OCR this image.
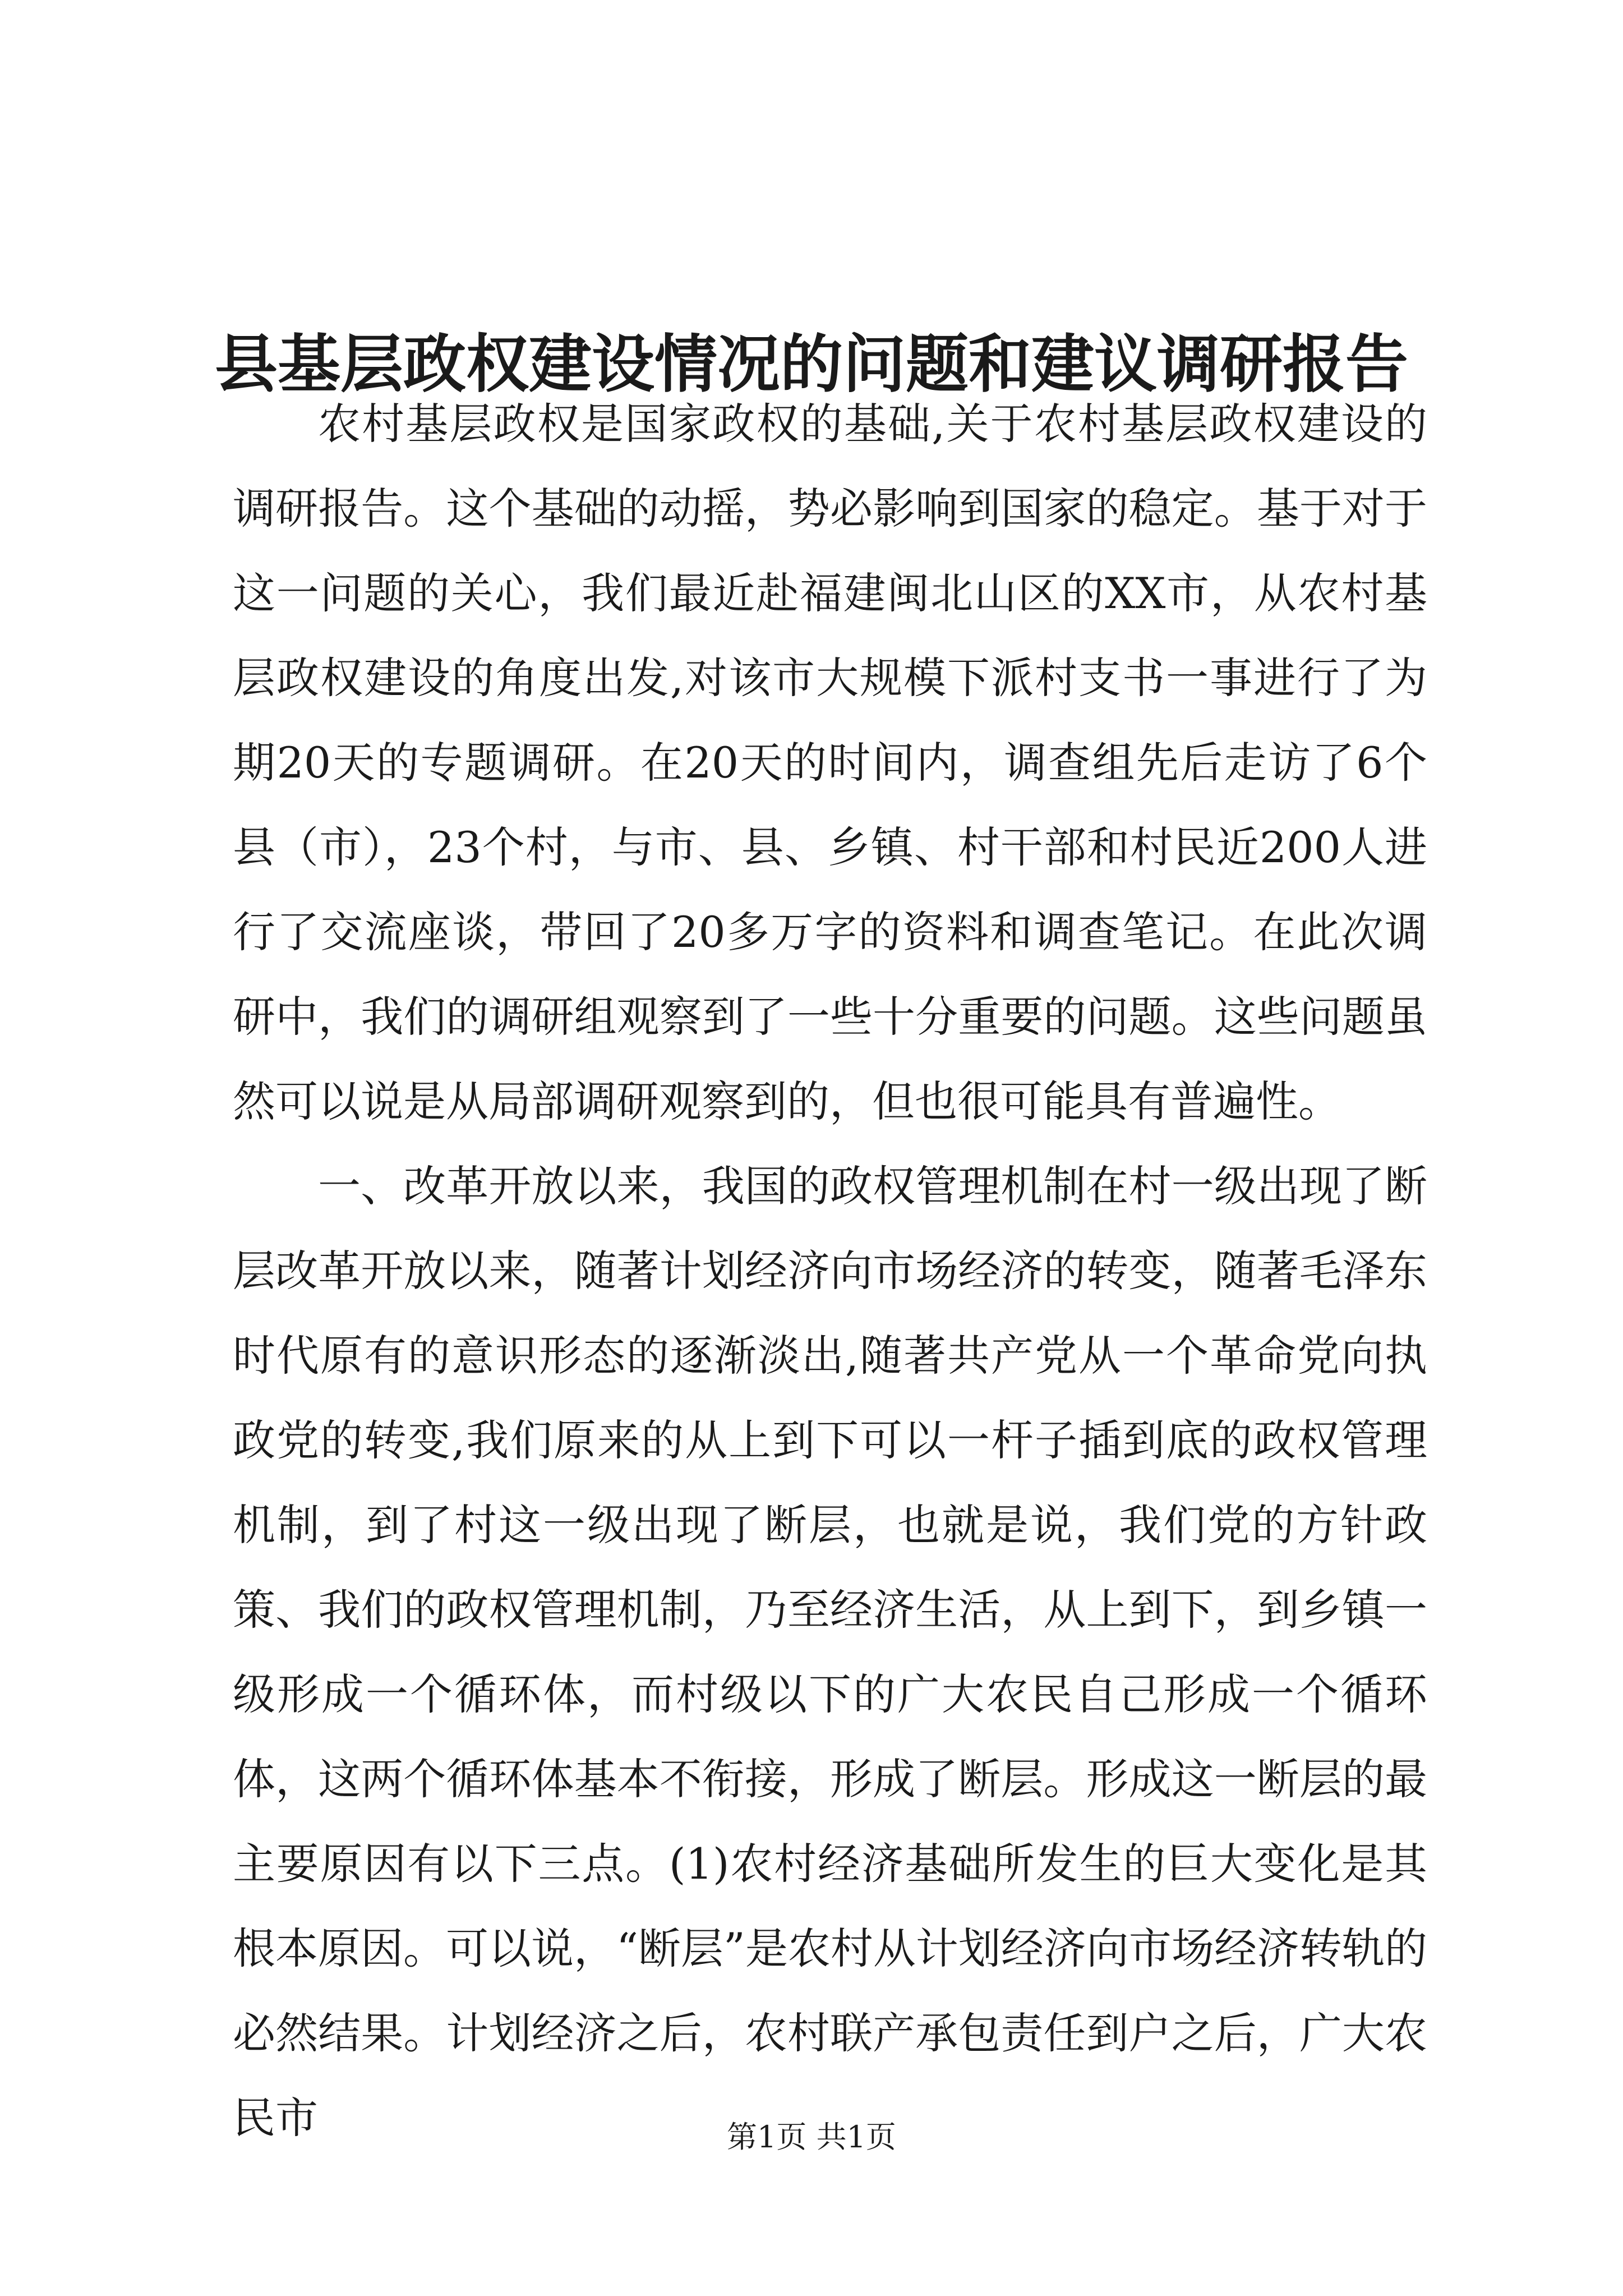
县基层政权建设情况的问题和建议调研报告

农村基层政权是国家政权的基础,关于农村基层政权建设的调研报告。这个基础的动摇，势必影响到国家的稳定。基于对于这一问题的关心，我们最近赴福建闽北山区的XX市，从农村基层政权建设的角度出发,对该市大规模下派村支书一事进行了为期20天的专题调研。在20天的时间内，调查组先后走访了6个县（市），23个村，与市、县、乡镇、村干部和村民近200人进行了交流座谈，带回了20多万字的资料和调查笔记。在此次调研中，我们的调研组观察到了一些十分重要的问题。这些问题虽然可以说是从局部调研观察到的，但也很可能具有普遍性。

一、改革开放以来，我国的政权管理机制在村一级出现了断层改革开放以来，随著计划经济向市场经济的转变，随著毛泽东时代原有的意识形态的逐渐淡出,随著共产党从一个革命党向执政党的转变,我们原来的从上到下可以一杆子插到底的政权管理机制，到了村这一级出现了断层，也就是说，我们党的方针政策、我们的政权管理机制，乃至经济生活，从上到下，到乡镇一级形成一个循环体，而村级以下的广大农民自己形成一个循环体，这两个循环体基本不衔接，形成了断层。形成这一断层的最主要原因有以下三点。(1)农村经济基础所发生的巨大变化是其根本原因。可以说，“断层”是农村从计划经济向市场经济转轨的必然结果。计划经济之后，农村联产承包责任到户之后，广大农民市	第1页 共1页
